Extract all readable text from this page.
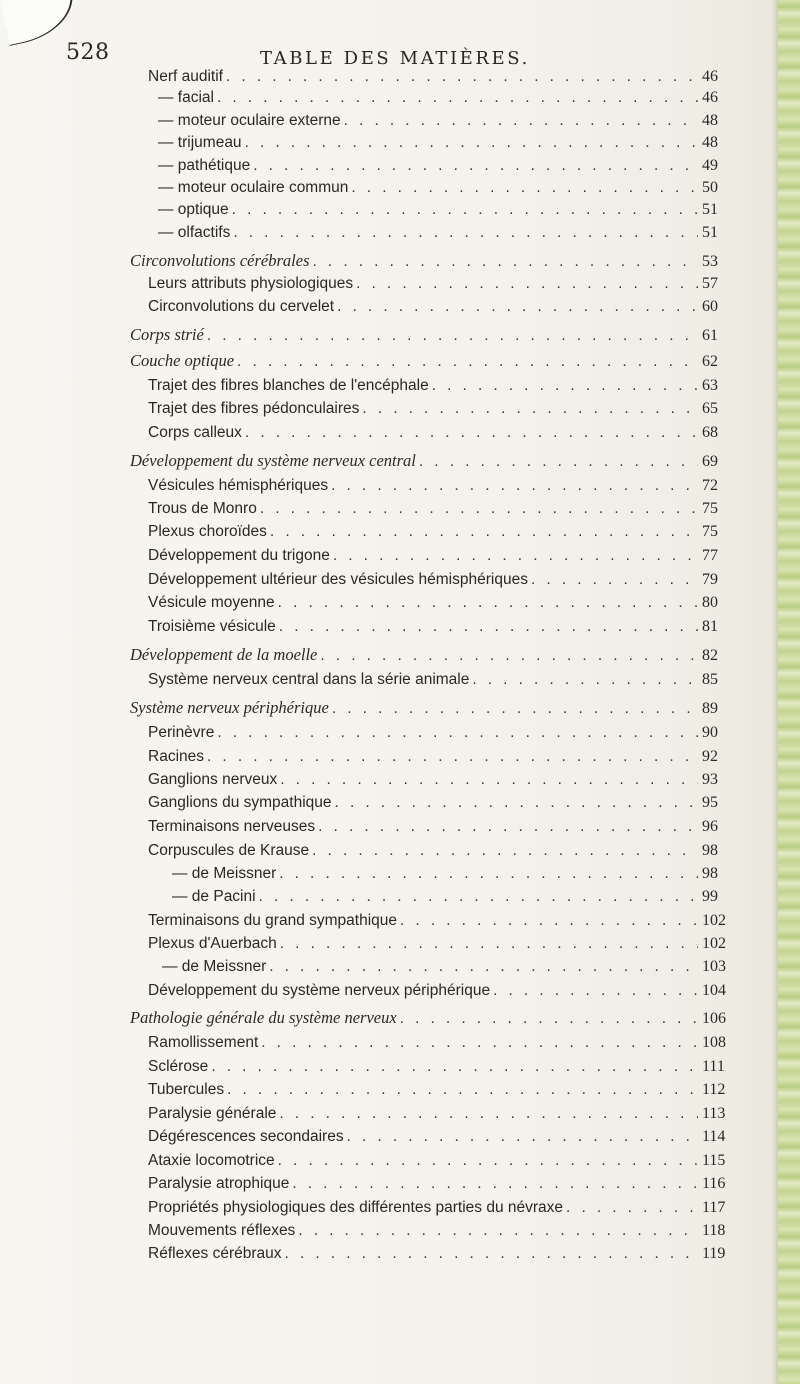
528	TABLE DES MATIÈRES.
Nerf auditif . . .	46
— facial . . .	46
— moteur oculaire externe . . .	48
— trijumeau . . .	48
— pathétique . . .	49
— moteur oculaire commun . . .	50
— optique . . .	51
— olfactifs . . .	51
Circonvolutions cérébrales . . .	53
Leurs attributs physiologiques . . .	57
Circonvolutions du cervelet . . .	60
Corps strié . . .	61
Couche optique . . .	62
Trajet des fibres blanches de l'encéphale . . .	63
Trajet des fibres pédonculaires . . .	65
Corps calleux . . .	68
Développement du système nerveux central . . .	69
Vésicules hémisphériques . . .	72
Trous de Monro . . .	75
Plexus choroïdes . . .	75
Développement du trigone . . .	77
Développement ultérieur des vésicules hémisphériques . . .	79
Vésicule moyenne . . .	80
Troisième vésicule . . .	81
Développement de la moelle . . .	82
Système nerveux central dans la série animale . . .	85
Système nerveux périphérique . . .	89
Perinèvre . . .	90
Racines . . .	92
Ganglions nerveux . . .	93
Ganglions du sympathique . . .	95
Terminaisons nerveuses . . .	96
Corpuscules de Krause . . .	98
— de Meissner . . .	98
— de Pacini . . .	99
Terminaisons du grand sympathique . . .	102
Plexus d'Auerbach . . .	102
— de Meissner . . .	103
Développement du système nerveux périphérique . . .	104
Pathologie générale du système nerveux . . .	106
Ramollissement . . .	108
Sclérose . . .	111
Tubercules . . .	112
Paralysie générale . . .	113
Dégérescences secondaires . . .	114
Ataxie locomotrice . . .	115
Paralysie atrophique . . .	116
Propriétés physiologiques des différentes parties du névraxe . . .	117
Mouvements réflexes . . .	118
Réflexes cérébraux . . .	119
